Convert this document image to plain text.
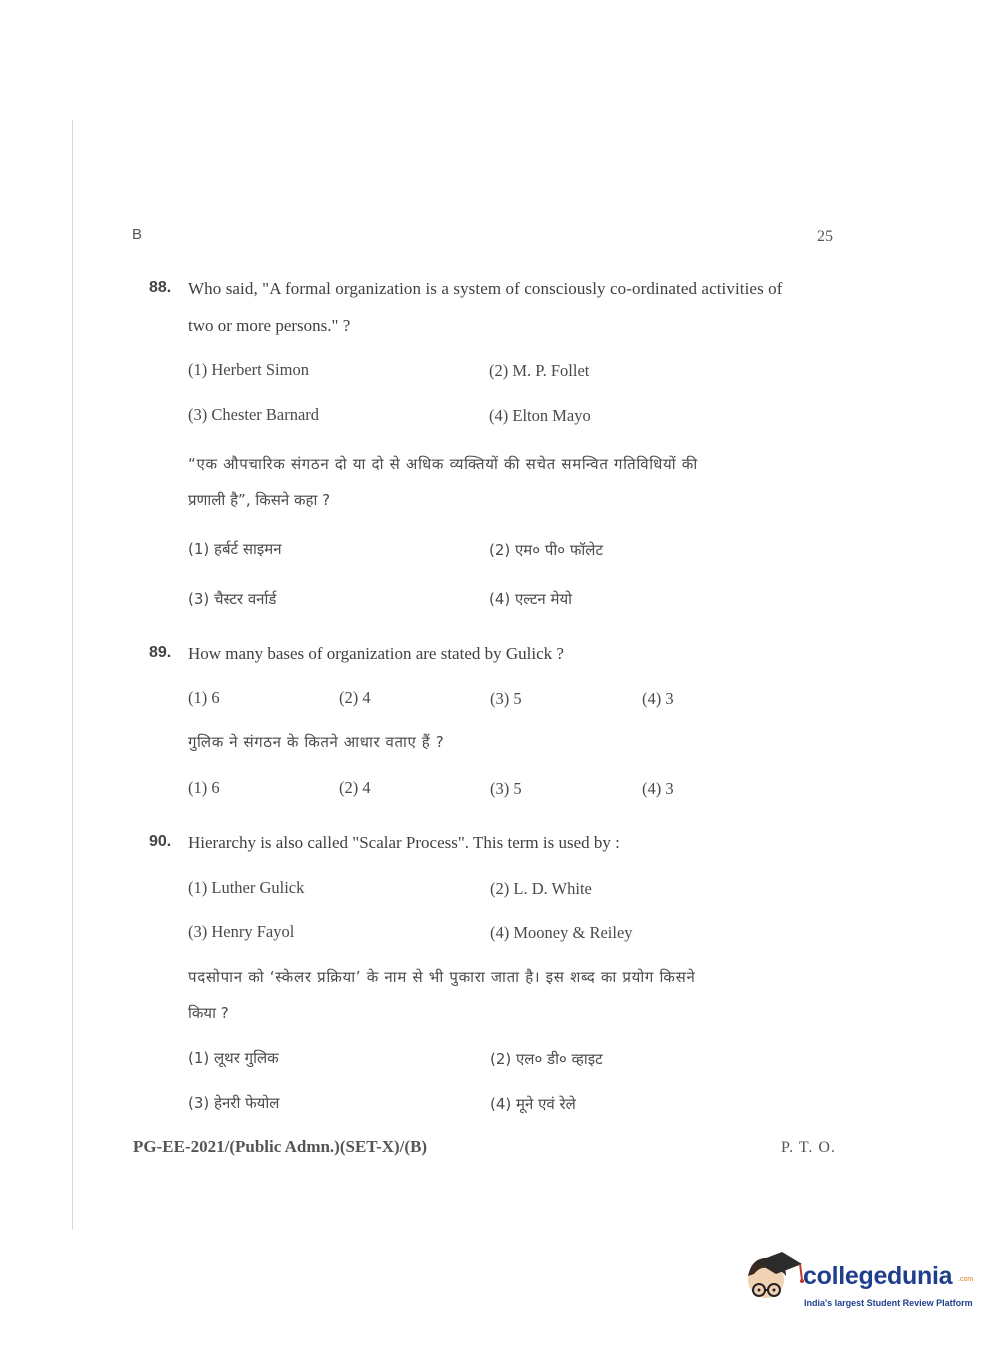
B	25
88. Who said, "A formal organization is a system of consciously co-ordinated activities of
two or more persons." ?
(1) Herbert Simon	(2) M. P. Follet
(3) Chester Barnard	(4) Elton Mayo
“एक औपचारिक संगठन दो या दो से अधिक व्यक्तियों की सचेत समन्वित गतिविधियों की
प्रणाली है”, किसने कहा ?
(1) हर्बर्ट साइमन	(2) एम० पी० फॉलेट
(3) चैस्टर वर्नार्ड	(4) एल्टन मेयो
89. How many bases of organization are stated by Gulick ?
(1) 6	(2) 4	(3) 5	(4) 3
गुलिक ने संगठन के कितने आधार वताए हैं ?
(1) 6	(2) 4	(3) 5	(4) 3
90. Hierarchy is also called "Scalar Process". This term is used by :
(1) Luther Gulick	(2) L. D. White
(3) Henry Fayol	(4) Mooney & Reiley
पदसोपान को ‘स्केलर प्रक्रिया’ के नाम से भी पुकारा जाता है। इस शब्द का प्रयोग किसने
किया ?
(1) लूथर गुलिक	(2) एल० डी० व्हाइट
(3) हेनरी फेयोल	(4) मूने एवं रेले
PG-EE-2021/(Public Admn.)(SET-X)/(B)	P. T. O.
collegedunia .com
India's largest Student Review Platform
